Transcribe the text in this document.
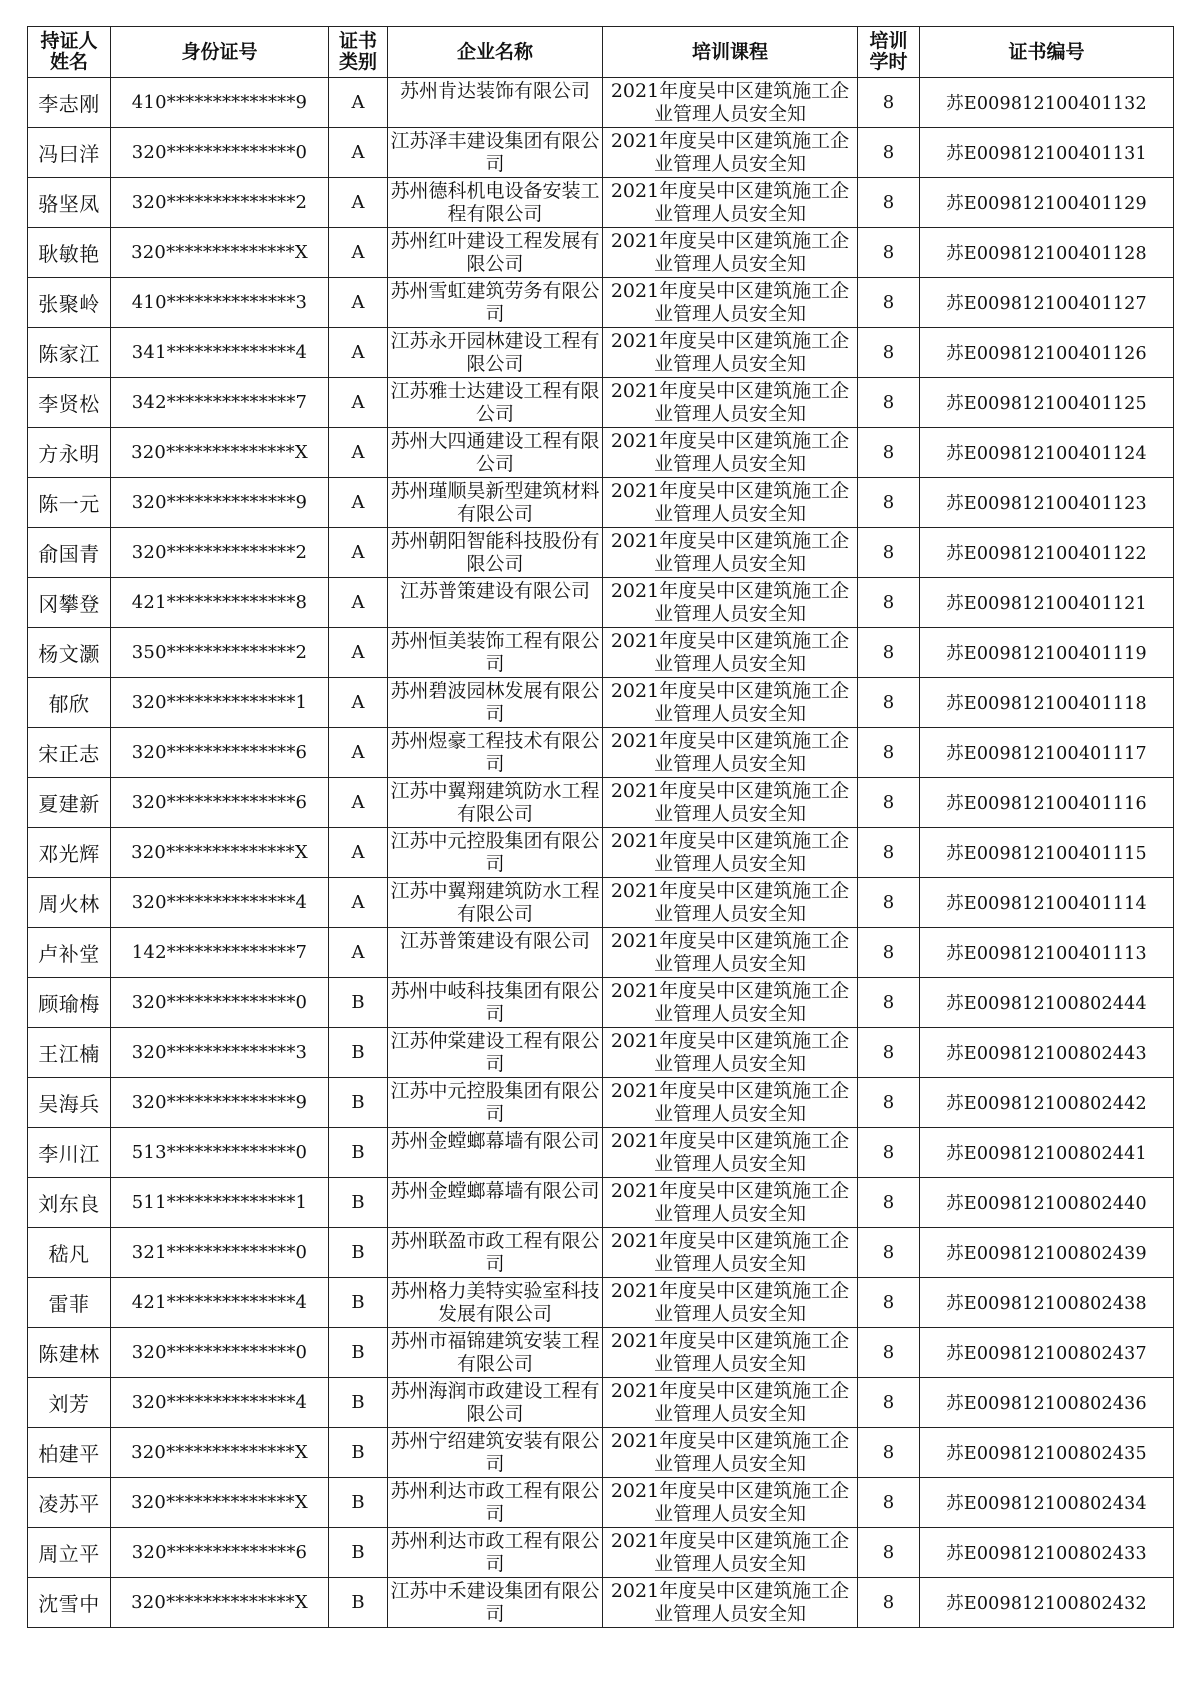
持证人姓名	身份证号	证书类别	企业名称	培训课程	培训学时	证书编号
李志刚	410**************9	A	苏州肯达装饰有限公司	2021年度吴中区建筑施工企业管理人员安全知	8	苏E009812100401132
冯曰洋	320**************0	A	江苏泽丰建设集团有限公司	2021年度吴中区建筑施工企业管理人员安全知	8	苏E009812100401131
骆坚凤	320**************2	A	苏州德科机电设备安装工程有限公司	2021年度吴中区建筑施工企业管理人员安全知	8	苏E009812100401129
耿敏艳	320**************X	A	苏州红叶建设工程发展有限公司	2021年度吴中区建筑施工企业管理人员安全知	8	苏E009812100401128
张聚岭	410**************3	A	苏州雪虹建筑劳务有限公司	2021年度吴中区建筑施工企业管理人员安全知	8	苏E009812100401127
陈家江	341**************4	A	江苏永开园林建设工程有限公司	2021年度吴中区建筑施工企业管理人员安全知	8	苏E009812100401126
李贤松	342**************7	A	江苏雅士达建设工程有限公司	2021年度吴中区建筑施工企业管理人员安全知	8	苏E009812100401125
方永明	320**************X	A	苏州大四通建设工程有限公司	2021年度吴中区建筑施工企业管理人员安全知	8	苏E009812100401124
陈一元	320**************9	A	苏州瑾顺昊新型建筑材料有限公司	2021年度吴中区建筑施工企业管理人员安全知	8	苏E009812100401123
俞国青	320**************2	A	苏州朝阳智能科技股份有限公司	2021年度吴中区建筑施工企业管理人员安全知	8	苏E009812100401122
冈攀登	421**************8	A	江苏普策建设有限公司	2021年度吴中区建筑施工企业管理人员安全知	8	苏E009812100401121
杨文灏	350**************2	A	苏州恒美装饰工程有限公司	2021年度吴中区建筑施工企业管理人员安全知	8	苏E009812100401119
郁欣	320**************1	A	苏州碧波园林发展有限公司	2021年度吴中区建筑施工企业管理人员安全知	8	苏E009812100401118
宋正志	320**************6	A	苏州煜豪工程技术有限公司	2021年度吴中区建筑施工企业管理人员安全知	8	苏E009812100401117
夏建新	320**************6	A	江苏中翼翔建筑防水工程有限公司	2021年度吴中区建筑施工企业管理人员安全知	8	苏E009812100401116
邓光辉	320**************X	A	江苏中元控股集团有限公司	2021年度吴中区建筑施工企业管理人员安全知	8	苏E009812100401115
周火林	320**************4	A	江苏中翼翔建筑防水工程有限公司	2021年度吴中区建筑施工企业管理人员安全知	8	苏E009812100401114
卢补堂	142**************7	A	江苏普策建设有限公司	2021年度吴中区建筑施工企业管理人员安全知	8	苏E009812100401113
顾瑜梅	320**************0	B	苏州中岐科技集团有限公司	2021年度吴中区建筑施工企业管理人员安全知	8	苏E009812100802444
王江楠	320**************3	B	江苏仲棠建设工程有限公司	2021年度吴中区建筑施工企业管理人员安全知	8	苏E009812100802443
吴海兵	320**************9	B	江苏中元控股集团有限公司	2021年度吴中区建筑施工企业管理人员安全知	8	苏E009812100802442
李川江	513**************0	B	苏州金螳螂幕墙有限公司	2021年度吴中区建筑施工企业管理人员安全知	8	苏E009812100802441
刘东良	511**************1	B	苏州金螳螂幕墙有限公司	2021年度吴中区建筑施工企业管理人员安全知	8	苏E009812100802440
嵇凡	321**************0	B	苏州联盈市政工程有限公司	2021年度吴中区建筑施工企业管理人员安全知	8	苏E009812100802439
雷菲	421**************4	B	苏州格力美特实验室科技发展有限公司	2021年度吴中区建筑施工企业管理人员安全知	8	苏E009812100802438
陈建林	320**************0	B	苏州市福锦建筑安装工程有限公司	2021年度吴中区建筑施工企业管理人员安全知	8	苏E009812100802437
刘芳	320**************4	B	苏州海润市政建设工程有限公司	2021年度吴中区建筑施工企业管理人员安全知	8	苏E009812100802436
柏建平	320**************X	B	苏州宁绍建筑安装有限公司	2021年度吴中区建筑施工企业管理人员安全知	8	苏E009812100802435
凌苏平	320**************X	B	苏州利达市政工程有限公司	2021年度吴中区建筑施工企业管理人员安全知	8	苏E009812100802434
周立平	320**************6	B	苏州利达市政工程有限公司	2021年度吴中区建筑施工企业管理人员安全知	8	苏E009812100802433
沈雪中	320**************X	B	江苏中禾建设集团有限公司	2021年度吴中区建筑施工企业管理人员安全知	8	苏E009812100802432
